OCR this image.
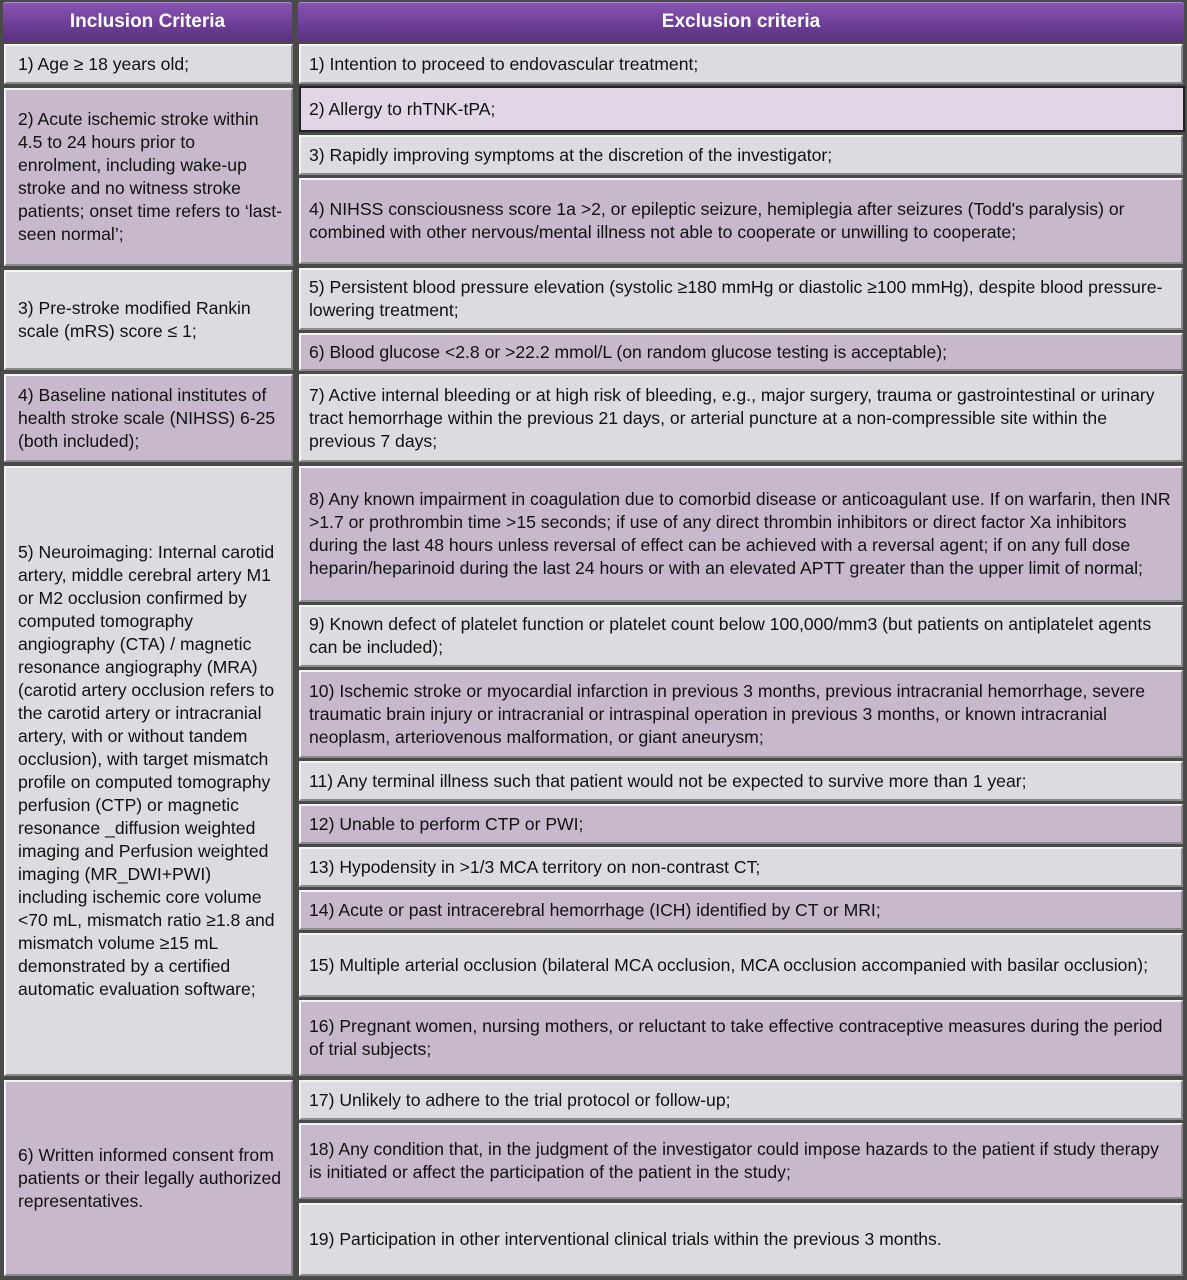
Inclusion Criteria	Exclusion criteria
1) Age ≥ 18 years old;
2) Acute ischemic stroke within 4.5 to 24 hours prior to enrolment, including wake-up stroke and no witness stroke patients; onset time refers to ‘last-seen normal’;
3) Pre-stroke modified Rankin scale (mRS) score ≤ 1;
4) Baseline national institutes of health stroke scale (NIHSS) 6-25 (both included);
5) Neuroimaging: Internal carotid artery, middle cerebral artery M1 or M2 occlusion confirmed by computed tomography angiography (CTA) / magnetic resonance angiography (MRA) (carotid artery occlusion refers to the carotid artery or intracranial artery, with or without tandem occlusion), with target mismatch profile on computed tomography perfusion (CTP) or magnetic resonance _diffusion weighted imaging and Perfusion weighted imaging (MR_DWI+PWI) including ischemic core volume <70 mL, mismatch ratio ≥1.8 and mismatch volume ≥15 mL demonstrated by a certified automatic evaluation software;
6) Written informed consent from patients or their legally authorized representatives.
1) Intention to proceed to endovascular treatment;
2) Allergy to rhTNK-tPA;
3) Rapidly improving symptoms at the discretion of the investigator;
4) NIHSS consciousness score 1a >2, or epileptic seizure, hemiplegia after seizures (Todd's paralysis) or combined with other nervous/mental illness not able to cooperate or unwilling to cooperate;
5) Persistent blood pressure elevation (systolic ≥180 mmHg or diastolic ≥100 mmHg), despite blood pressure-lowering treatment;
6) Blood glucose <2.8 or >22.2 mmol/L (on random glucose testing is acceptable);
7) Active internal bleeding or at high risk of bleeding, e.g., major surgery, trauma or gastrointestinal or urinary tract hemorrhage within the previous 21 days, or arterial puncture at a non-compressible site within the previous 7 days;
8) Any known impairment in coagulation due to comorbid disease or anticoagulant use. If on warfarin, then INR >1.7 or prothrombin time >15 seconds; if use of any direct thrombin inhibitors or direct factor Xa inhibitors during the last 48 hours unless reversal of effect can be achieved with a reversal agent; if on any full dose heparin/heparinoid during the last 24 hours or with an elevated APTT greater than the upper limit of normal;
9) Known defect of platelet function or platelet count below 100,000/mm3 (but patients on antiplatelet agents can be included);
10) Ischemic stroke or myocardial infarction in previous 3 months, previous intracranial hemorrhage, severe traumatic brain injury or intracranial or intraspinal operation in previous 3 months, or known intracranial neoplasm, arteriovenous malformation, or giant aneurysm;
11) Any terminal illness such that patient would not be expected to survive more than 1 year;
12) Unable to perform CTP or PWI;
13) Hypodensity in >1/3 MCA territory on non-contrast CT;
14) Acute or past intracerebral hemorrhage (ICH) identified by CT or MRI;
15) Multiple arterial occlusion (bilateral MCA occlusion, MCA occlusion accompanied with basilar occlusion);
16) Pregnant women, nursing mothers, or reluctant to take effective contraceptive measures during the period of trial subjects;
17) Unlikely to adhere to the trial protocol or follow-up;
18) Any condition that, in the judgment of the investigator could impose hazards to the patient if study therapy is initiated or affect the participation of the patient in the study;
19) Participation in other interventional clinical trials within the previous 3 months.
